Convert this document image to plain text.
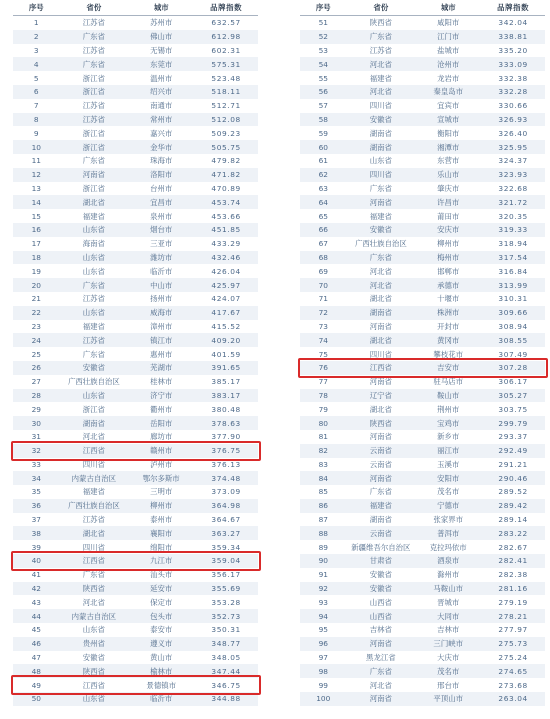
序号	省份	城市	品牌指数
1	江苏省	苏州市	632.57
2	广东省	佛山市	612.98
3	江苏省	无锡市	602.31
4	广东省	东莞市	575.31
5	浙江省	温州市	523.48
6	浙江省	绍兴市	518.11
7	江苏省	南通市	512.71
8	江苏省	常州市	512.08
9	浙江省	嘉兴市	509.23
10	浙江省	金华市	505.75
11	广东省	珠海市	479.82
12	河南省	洛阳市	471.82
13	浙江省	台州市	470.89
14	湖北省	宜昌市	453.74
15	福建省	泉州市	453.66
16	山东省	烟台市	451.85
17	海南省	三亚市	433.29
18	山东省	潍坊市	432.46
19	山东省	临沂市	426.04
20	广东省	中山市	425.97
21	江苏省	扬州市	424.07
22	山东省	威海市	417.67
23	福建省	漳州市	415.52
24	江苏省	镇江市	409.20
25	广东省	惠州市	401.59
26	安徽省	芜湖市	391.65
27	广西壮族自治区	桂林市	385.17
28	山东省	济宁市	383.17
29	浙江省	衢州市	380.48
30	湖南省	岳阳市	378.63
31	河北省	廊坊市	377.90
32	江西省	赣州市	376.75
33	四川省	泸州市	376.13
34	内蒙古自治区	鄂尔多斯市	374.48
35	福建省	三明市	373.09
36	广西壮族自治区	柳州市	364.98
37	江苏省	泰州市	364.67
38	湖北省	襄阳市	363.27
39	四川省	绵阳市	359.34
40	江西省	九江市	359.04
41	广东省	汕头市	356.17
42	陕西省	延安市	355.69
43	河北省	保定市	353.28
44	内蒙古自治区	包头市	352.73
45	山东省	泰安市	350.31
46	贵州省	遵义市	348.77
47	安徽省	黄山市	348.05
48	陕西省	榆林市	347.44
49	江西省	景德镇市	346.75
50	山东省	临沂市	344.88
序号	省份	城市	品牌指数
51	陕西省	咸阳市	342.04
52	广东省	江门市	338.81
53	江苏省	盐城市	335.20
54	河北省	沧州市	333.09
55	福建省	龙岩市	332.38
56	河北省	秦皇岛市	332.28
57	四川省	宜宾市	330.66
58	安徽省	宣城市	326.93
59	湖南省	衡阳市	326.40
60	湖南省	湘潭市	325.95
61	山东省	东营市	324.37
62	四川省	乐山市	323.93
63	广东省	肇庆市	322.68
64	河南省	许昌市	321.72
65	福建省	莆田市	320.35
66	安徽省	安庆市	319.33
67	广西壮族自治区	柳州市	318.94
68	广东省	梅州市	317.54
69	河北省	邯郸市	316.84
70	河北省	承德市	313.99
71	湖北省	十堰市	310.31
72	湖南省	株洲市	309.66
73	河南省	开封市	308.94
74	湖北省	黄冈市	308.55
75	四川省	攀枝花市	307.49
76	江西省	吉安市	307.28
77	河南省	驻马店市	306.17
78	辽宁省	鞍山市	305.27
79	湖北省	荆州市	303.75
80	陕西省	宝鸡市	299.79
81	河南省	新乡市	293.37
82	云南省	丽江市	292.49
83	云南省	玉溪市	291.21
84	河南省	安阳市	290.46
85	广东省	茂名市	289.52
86	福建省	宁德市	289.42
87	湖南省	张家界市	289.14
88	云南省	普洱市	283.22
89	新疆维吾尔自治区	克拉玛依市	282.67
90	甘肃省	酒泉市	282.41
91	安徽省	滁州市	282.38
92	安徽省	马鞍山市	281.16
93	山西省	晋城市	279.19
94	山西省	大同市	278.21
95	吉林省	吉林市	277.97
96	河南省	三门峡市	275.73
97	黑龙江省	大庆市	275.24
98	广东省	茂名市	274.65
99	河北省	邢台市	273.68
100	河南省	平顶山市	263.04
